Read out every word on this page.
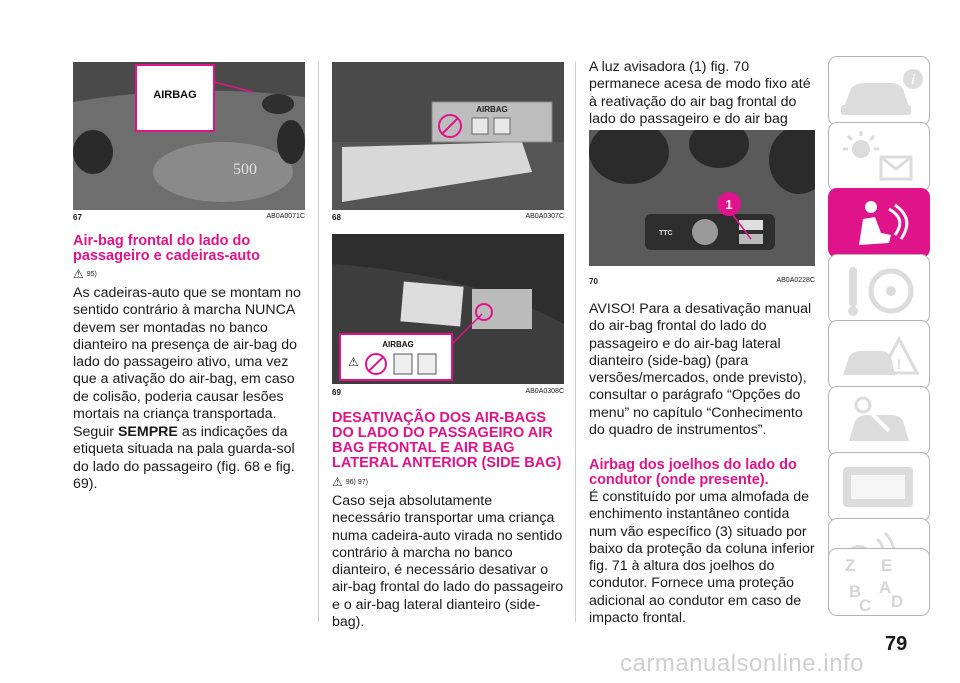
AIRBAG
500
67	AB0A0071C
Air-bag frontal do lado do passageiro e cadeiras-auto
⚠ 95)
As cadeiras-auto que se montam no sentido contrário à marcha NUNCA devem ser montadas no banco dianteiro na presença de air-bag do lado do passageiro ativo, uma vez que a ativação do air-bag, em caso de colisão, poderia causar lesões mortais na criança transportada.
Seguir SEMPRE as indicações da etiqueta situada na pala guarda-sol do lado do passageiro (fig. 68 e fig. 69).
AIRBAG
68	AB0A0307C
AIRBAG
⚠
69	AB0A0308C
DESATIVAÇÃO DOS AIR-BAGS DO LADO DO PASSAGEIRO AIR BAG FRONTAL E AIR BAG LATERAL ANTERIOR (SIDE BAG)
⚠ 96) 97)
Caso seja absolutamente necessário transportar uma criança numa cadeira-auto virada no sentido contrário à marcha no banco dianteiro, é necessário desativar o air-bag frontal do lado do passageiro e o air-bag lateral dianteiro (side-bag).
A luz avisadora (1) fig. 70 permanece acesa de modo fixo até à reativação do air bag frontal do lado do passageiro e do air bag
TTC
1
70	AB0A0228C
AVISO! Para a desativação manual do air-bag frontal do lado do passageiro e do air-bag lateral dianteiro (side-bag) (para versões/mercados, onde previsto), consultar o parágrafo “Opções do menu” no capítulo “Conhecimento do quadro de instrumentos”.
Airbag dos joelhos do lado do condutor (onde presente).
É constituído por uma almofada de enchimento instantâneo contida num vão específico (3) situado por baixo da proteção da coluna inferior fig. 71 à altura dos joelhos do condutor. Fornece uma proteção adicional ao condutor em caso de impacto frontal.
i
!
Z E
B A
C D
79
carmanualsonline.info
